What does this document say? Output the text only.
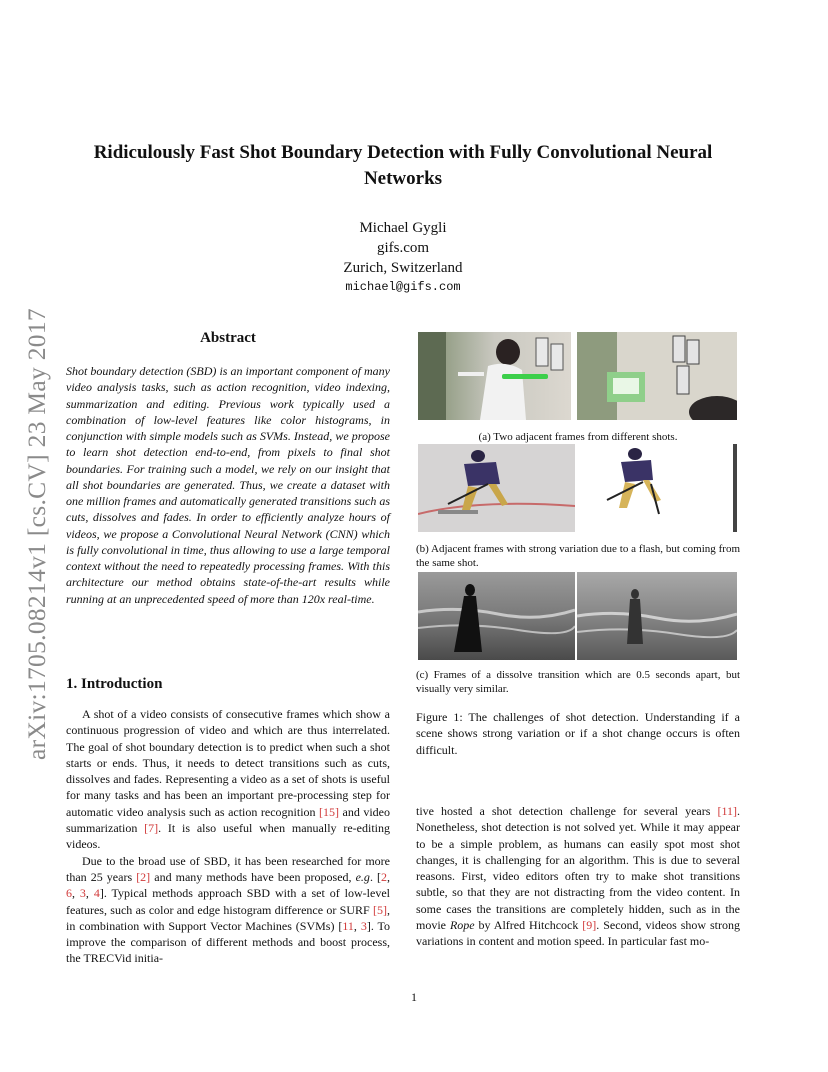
arXiv:1705.08214v1 [cs.CV] 23 May 2017
Ridiculously Fast Shot Boundary Detection with Fully Convolutional Neural Networks
Michael Gygli
gifs.com
Zurich, Switzerland
michael@gifs.com
Abstract
Shot boundary detection (SBD) is an important component of many video analysis tasks, such as action recognition, video indexing, summarization and editing. Previous work typically used a combination of low-level features like color histograms, in conjunction with simple models such as SVMs. Instead, we propose to learn shot detection end-to-end, from pixels to final shot boundaries. For training such a model, we rely on our insight that all shot boundaries are generated. Thus, we create a dataset with one million frames and automatically generated transitions such as cuts, dissolves and fades. In order to efficiently analyze hours of videos, we propose a Convolutional Neural Network (CNN) which is fully convolutional in time, thus allowing to use a large temporal context without the need to repeatedly processing frames. With this architecture our method obtains state-of-the-art results while running at an unprecedented speed of more than 120x real-time.
1. Introduction

A shot of a video consists of consecutive frames which show a continuous progression of video and which are thus interrelated. The goal of shot boundary detection is to predict when such a shot starts or ends. Thus, it needs to detect transitions such as cuts, dissolves and fades. Representing a video as a set of shots is useful for many tasks and has been an important pre-processing step for automatic video analysis such as action recognition [15] and video summarization [7]. It is also useful when manually re-editing videos.

Due to the broad use of SBD, it has been researched for more than 25 years [2] and many methods have been proposed, e.g. [2, 6, 3, 4]. Typical methods approach SBD with a set of low-level features, such as color and edge histogram difference or SURF [5], in combination with Support Vector Machines (SVMs) [11, 3]. To improve the comparison of different methods and boost process, the TRECVid initia-

(a) Two adjacent frames from different shots.
(b) Adjacent frames with strong variation due to a flash, but coming from the same shot.
(c) Frames of a dissolve transition which are 0.5 seconds apart, but visually very similar.
Figure 1: The challenges of shot detection. Understanding if a scene shows strong variation or if a shot change occurs is often difficult.
tive hosted a shot detection challenge for several years [11]. Nonetheless, shot detection is not solved yet. While it may appear to be a simple problem, as humans can easily spot most shot changes, it is challenging for an algorithm. This is due to several reasons. First, video editors often try to make shot transitions subtle, so that they are not distracting from the video content. In some cases the transitions are completely hidden, such as in the movie Rope by Alfred Hitchcock [9]. Second, videos show strong variations in content and motion speed. In particular fast mo-
1
